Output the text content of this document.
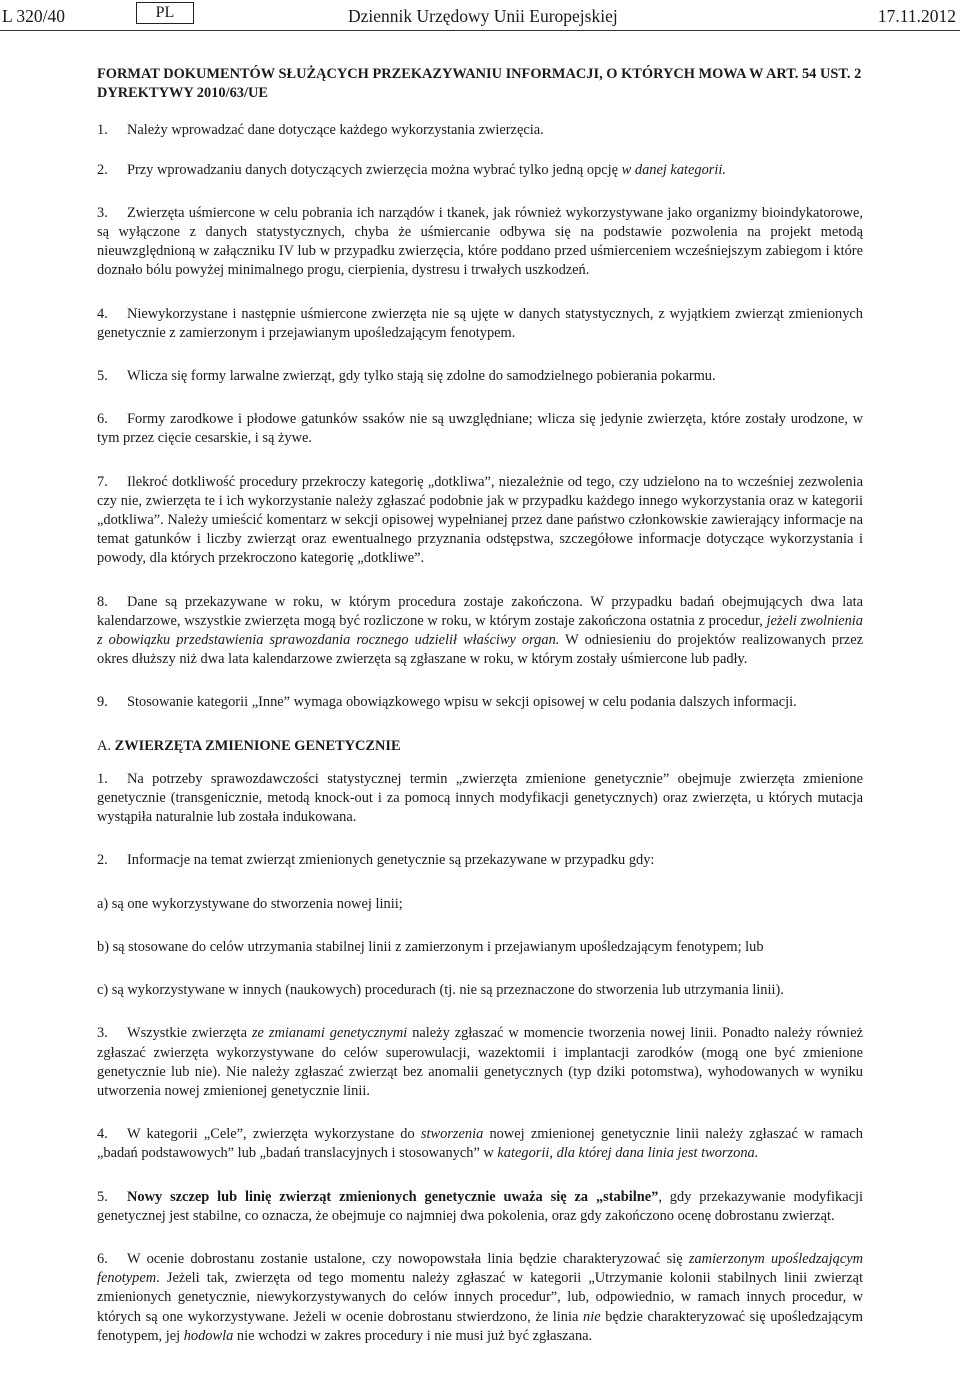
L 320/40	PL	Dziennik Urzędowy Unii Europejskiej	17.11.2012

FORMAT DOKUMENTÓW SŁUŻĄCYCH PRZEKAZYWANIU INFORMACJI, O KTÓRYCH MOWA W ART. 54 UST. 2 DYREKTYWY 2010/63/UE

1. Należy wprowadzać dane dotyczące każdego wykorzystania zwierzęcia.

2. Przy wprowadzaniu danych dotyczących zwierzęcia można wybrać tylko jedną opcję w danej kategorii.

3. Zwierzęta uśmiercone w celu pobrania ich narządów i tkanek, jak również wykorzystywane jako organizmy bioindykatorowe, są wyłączone z danych statystycznych, chyba że uśmiercanie odbywa się na podstawie pozwolenia na projekt metodą nieuwzględnioną w załączniku IV lub w przypadku zwierzęcia, które poddano przed uśmierceniem wcześniejszym zabiegom i które doznało bólu powyżej minimalnego progu, cierpienia, dystresu i trwałych uszkodzeń.

4. Niewykorzystane i następnie uśmiercone zwierzęta nie są ujęte w danych statystycznych, z wyjątkiem zwierząt zmienionych genetycznie z zamierzonym i przejawianym upośledzającym fenotypem.

5. Wlicza się formy larwalne zwierząt, gdy tylko stają się zdolne do samodzielnego pobierania pokarmu.

6. Formy zarodkowe i płodowe gatunków ssaków nie są uwzględniane; wlicza się jedynie zwierzęta, które zostały urodzone, w tym przez cięcie cesarskie, i są żywe.

7. Ilekroć dotkliwość procedury przekroczy kategorię „dotkliwa”, niezależnie od tego, czy udzielono na to wcześniej zezwolenia czy nie, zwierzęta te i ich wykorzystanie należy zgłaszać podobnie jak w przypadku każdego innego wykorzystania oraz w kategorii „dotkliwa”. Należy umieścić komentarz w sekcji opisowej wypełnianej przez dane państwo członkowskie zawierający informacje na temat gatunków i liczby zwierząt oraz ewentualnego przyznania odstępstwa, szczegółowe informacje dotyczące wykorzystania i powody, dla których przekroczono kategorię „dotkliwe”.

8. Dane są przekazywane w roku, w którym procedura zostaje zakończona. W przypadku badań obejmujących dwa lata kalendarzowe, wszystkie zwierzęta mogą być rozliczone w roku, w którym zostaje zakończona ostatnia z procedur, jeżeli zwolnienia z obowiązku przedstawienia sprawozdania rocznego udzielił właściwy organ. W odniesieniu do projektów realizowanych przez okres dłuższy niż dwa lata kalendarzowe zwierzęta są zgłaszane w roku, w którym zostały uśmiercone lub padły.

9. Stosowanie kategorii „Inne” wymaga obowiązkowego wpisu w sekcji opisowej w celu podania dalszych informacji.

A. ZWIERZĘTA ZMIENIONE GENETYCZNIE

1. Na potrzeby sprawozdawczości statystycznej termin „zwierzęta zmienione genetycznie” obejmuje zwierzęta zmienione genetycznie (transgenicznie, metodą knock-out i za pomocą innych modyfikacji genetycznych) oraz zwierzęta, u których mutacja wystąpiła naturalnie lub została indukowana.

2. Informacje na temat zwierząt zmienionych genetycznie są przekazywane w przypadku gdy:

a) są one wykorzystywane do stworzenia nowej linii;

b) są stosowane do celów utrzymania stabilnej linii z zamierzonym i przejawianym upośledzającym fenotypem; lub

c) są wykorzystywane w innych (naukowych) procedurach (tj. nie są przeznaczone do stworzenia lub utrzymania linii).

3. Wszystkie zwierzęta ze zmianami genetycznymi należy zgłaszać w momencie tworzenia nowej linii. Ponadto należy również zgłaszać zwierzęta wykorzystywane do celów superowulacji, wazektomii i implantacji zarodków (mogą one być zmienione genetycznie lub nie). Nie należy zgłaszać zwierząt bez anomalii genetycznych (typ dziki potomstwa), wyhodowanych w wyniku utworzenia nowej zmienionej genetycznie linii.

4. W kategorii „Cele”, zwierzęta wykorzystane do stworzenia nowej zmienionej genetycznie linii należy zgłaszać w ramach „badań podstawowych” lub „badań translacyjnych i stosowanych” w kategorii, dla której dana linia jest tworzona.

5. Nowy szczep lub linię zwierząt zmienionych genetycznie uważa się za „stabilne”, gdy przekazywanie modyfikacji genetycznej jest stabilne, co oznacza, że obejmuje co najmniej dwa pokolenia, oraz gdy zakończono ocenę dobrostanu zwierząt.

6. W ocenie dobrostanu zostanie ustalone, czy nowopowstała linia będzie charakteryzować się zamierzonym upośledzającym fenotypem. Jeżeli tak, zwierzęta od tego momentu należy zgłaszać w kategorii „Utrzymanie kolonii stabilnych linii zwierząt zmienionych genetycznie, niewykorzystywanych do celów innych procedur”, lub, odpowiednio, w ramach innych procedur, w których są one wykorzystywane. Jeżeli w ocenie dobrostanu stwierdzono, że linia nie będzie charakteryzować się upośledzającym fenotypem, jej hodowla nie wchodzi w zakres procedury i nie musi już być zgłaszana.
